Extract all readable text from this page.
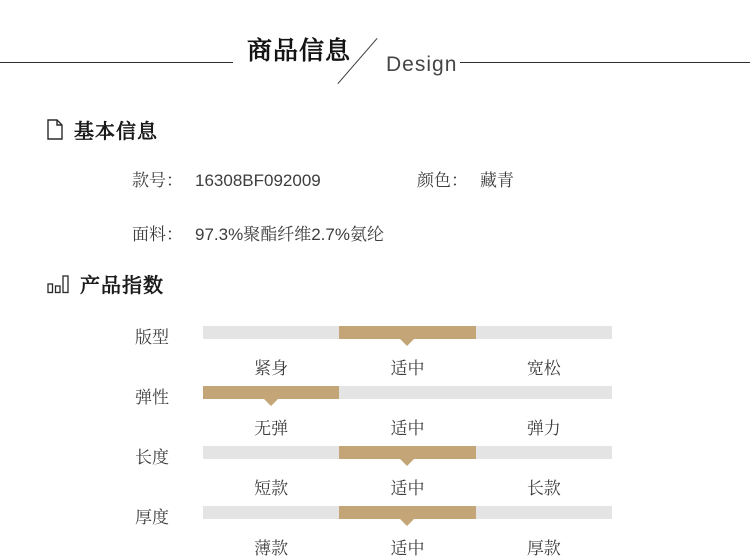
商品信息 Design
基本信息
款号： 16308BF092009	颜色： 藏青
面料： 97.3%聚酯纤维2.7%氨纶
产品指数
版型
紧身	适中	宽松
弹性
无弹	适中	弹力
长度
短款	适中	长款
厚度
薄款	适中	厚款
